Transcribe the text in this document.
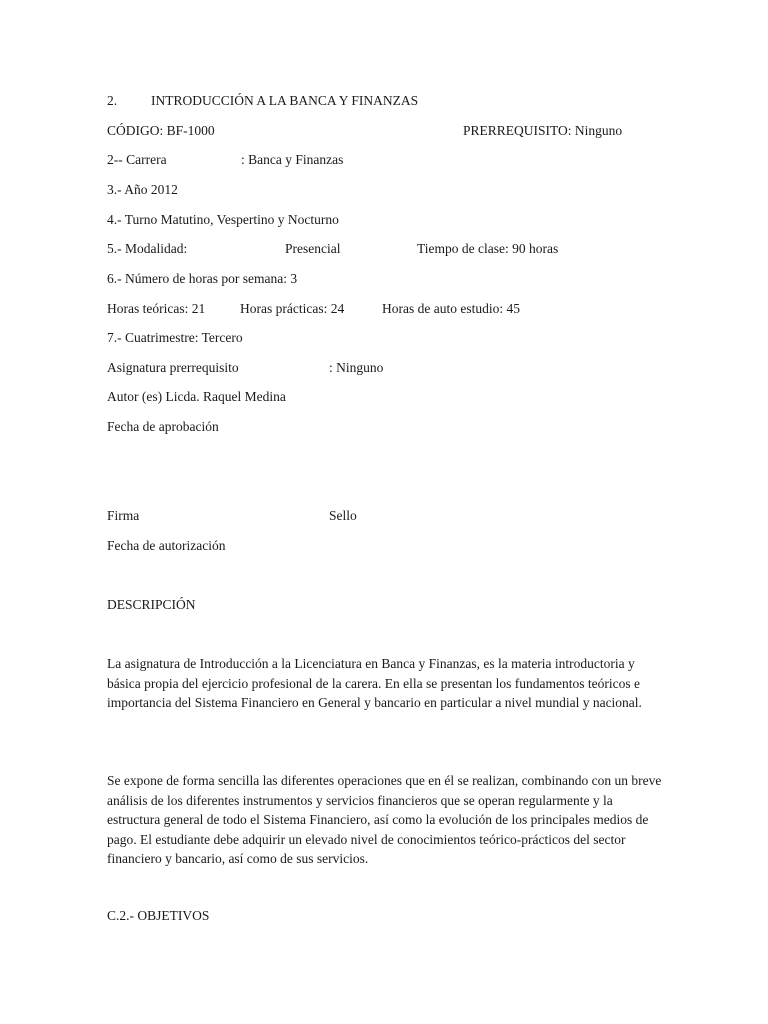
2.	INTRODUCCIÓN A LA BANCA Y FINANZAS
CÓDIGO: BF-1000	PRERREQUISITO: Ninguno
2-- Carrera	: Banca y Finanzas
3.- Año 2012
4.- Turno Matutino, Vespertino y Nocturno
5.- Modalidad:	Presencial	Tiempo de clase: 90 horas
6.- Número de horas por semana: 3
Horas teóricas: 21	Horas prácticas: 24	Horas de auto estudio: 45
7.- Cuatrimestre: Tercero
Asignatura prerrequisito	: Ninguno
Autor (es) Licda. Raquel Medina
Fecha de aprobación
Firma	Sello
Fecha de autorización
DESCRIPCIÓN
La asignatura de Introducción a la Licenciatura en Banca y Finanzas, es la materia introductoria y básica propia del ejercicio profesional de la carera. En ella se presentan los fundamentos teóricos e importancia del Sistema Financiero en General y bancario en particular a nivel mundial y nacional.
Se expone de forma sencilla las diferentes operaciones que en él se realizan, combinando con un breve análisis de los diferentes instrumentos y servicios financieros que se operan regularmente y la estructura general de todo el Sistema Financiero, así como la evolución de los principales medios de pago. El estudiante debe adquirir un elevado nivel de conocimientos teórico-prácticos del sector financiero y bancario, así como de sus servicios.
C.2.- OBJETIVOS
